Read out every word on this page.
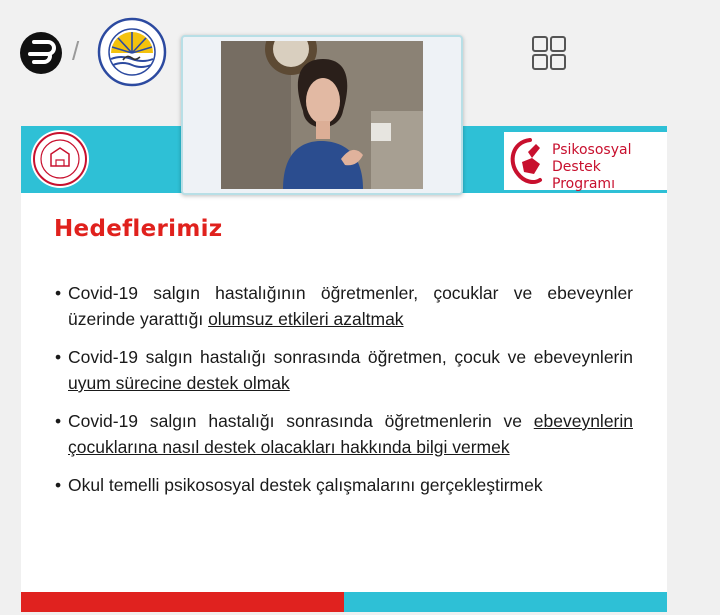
/
Psikososyal
Destek Programı
Hedeflerimiz
• Covid-19 salgın hastalığının öğretmenler, çocuklar ve ebeveynler üzerinde yarattığı olumsuz etkileri azaltmak
• Covid-19 salgın hastalığı sonrasında öğretmen, çocuk ve ebeveynlerin uyum sürecine destek olmak
• Covid-19 salgın hastalığı sonrasında öğretmenlerin ve ebeveynlerin çocuklarına nasıl destek olacakları hakkında bilgi vermek
• Okul temelli psikososyal destek çalışmalarını gerçekleştirmek
